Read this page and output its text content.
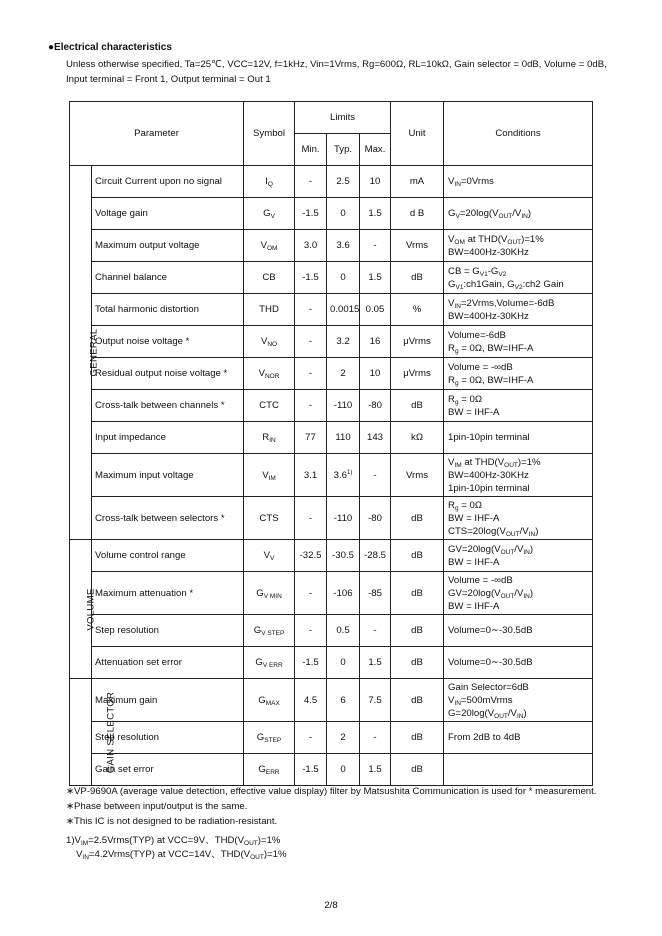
●Electrical characteristics
Unless otherwise specified, Ta=25℃, VCC=12V, f=1kHz, Vin=1Vrms, Rg=600Ω, RL=10kΩ, Gain selector = 0dB, Volume = 0dB,
Input terminal = Front 1, Output terminal = Out 1
Parameter		Symbol	Limits			Unit	Conditions
			Min.	Typ.	Max.		
GENERAL	Circuit Current upon no signal	$I_Q$	-	2.5	10	mA	$V_{IN}=0Vrms$
	Voltage gain	$G_V$	-1.5	0	1.5	d B	$G_V=20\log(V_{OUT}/V_{IN})$
	Maximum output voltage	$V_{OM}$	3.0	3.6	-	Vrms	$V_{OM}$ at $THD(V_{OUT})=1\%$
BW=400Hz-30KHz
	Channel balance	CB	-1.5	0	1.5	dB	CB = $G_{V1}-G_{V2}$
$G_{V1}:ch1Gain$, $G_{V2}:ch2$ Gain
	Total harmonic distortion	THD	-	0.0015	0.05	%	$V_{IN}=2Vrms,Volume=-6dB$
BW=400Hz-30KHz
	Output noise voltage *	$V_{NO}$	-	3.2	16	μVrms	Volume=-6dB
$R_g = 0\Omega$, BW=IHF-A
	Residual output noise voltage *	$V_{NOR}$	-	2	10	μVrms	Volume = -∞dB
$R_g = 0\Omega$, BW=IHF-A
	Cross-talk between channels *	CTC	-	-110	-80	dB	$R_g = 0\Omega$
BW = IHF-A
	Input impedance	$R_{IN}$	77	110	143	kΩ	1pin-10pin terminal
	Maximum input voltage	$V_{IM}$	3.1	3.6$^{1)}$	-	Vrms	$V_{IM}$ at $THD(V_{OUT})=1\%$
BW=400Hz-30KHz
1pin-10pin terminal
	Cross-talk between selectors *	CTS	-	-110	-80	dB	$R_g = 0\Omega$
BW = IHF-A
$CTS=20\log(V_{OUT}/V_{IN})$
VOLUME	Volume control range	$V_V$	-32.5	-30.5	-28.5	dB	$GV=20\log(V_{OUT}/V_{IN})$
BW = IHF-A
	Maximum attenuation *	$G_{V MIN}$	-	-106	-85	dB	Volume = -∞dB
$GV=20\log(V_{OUT}/V_{IN})$
BW = IHF-A
	Step resolution	$G_{V STEP}$	-	0.5	-	dB	Volume=0∼-30.5dB
	Attenuation set error	$G_{V ERR}$	-1.5	0	1.5	dB	Volume=0∼-30.5dB
GAIN SELECTOR	Maximum gain	$G_{MAX}$	4.5	6	7.5	dB	Gain Selector=6dB
$V_{IN}=500mVrms$
$G=20\log(V_{OUT}/V_{IN})$
	Step resolution	$G_{STEP}$	-	2	-	dB	From 2dB to 4dB
	Gain set error	$G_{ERR}$	-1.5	0	1.5	dB	
∗VP-9690A (average value detection, effective value display) filter by Matsushita Communication is used for * measurement.
∗Phase between input/output is the same.
∗This IC is not designed to be radiation-resistant.
$1)V_{IM}=2.5Vrms(TYP)$ at VCC=9V、$THD(V_{OUT})=1\%$
$V_{IN}=4.2Vrms(TYP)$ at VCC=14V、$THD(V_{OUT})=1\%$
2/8
